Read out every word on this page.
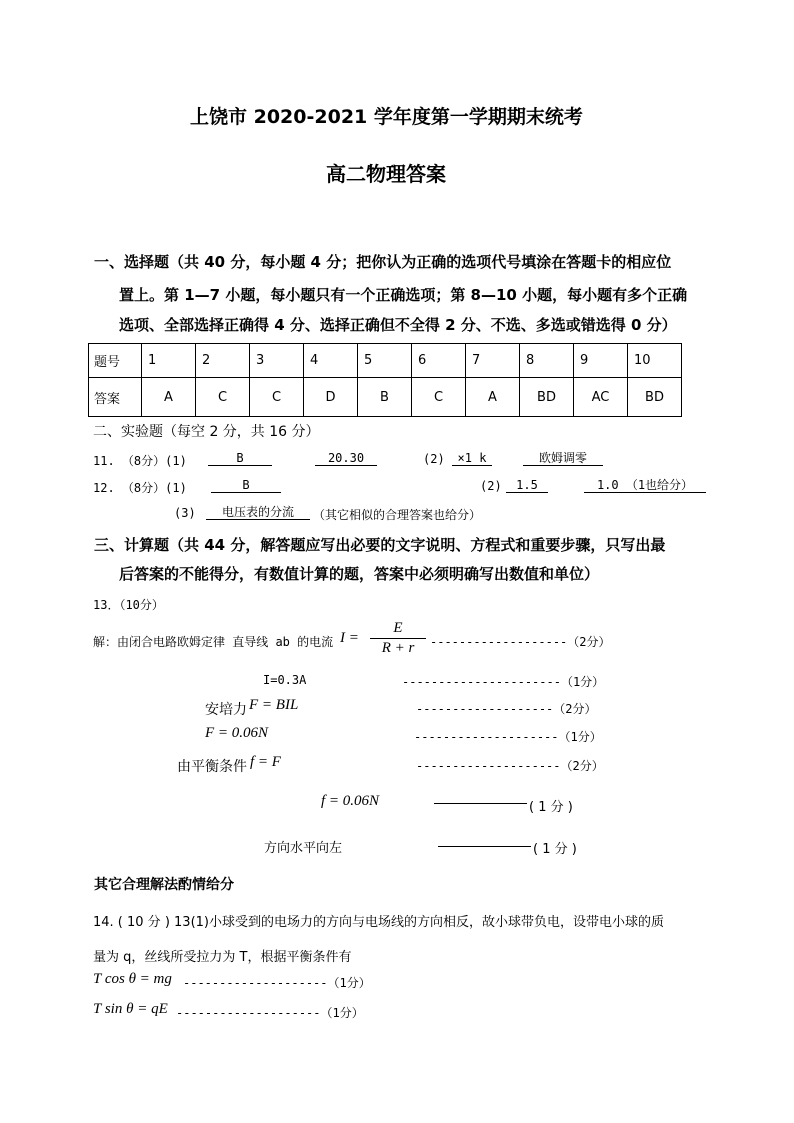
上饶市 2020-2021 学年度第一学期期末统考
高二物理答案
一、选择题（共 40 分，每小题 4 分；把你认为正确的选项代号填涂在答题卡的相应位
置上。第 1—7 小题，每小题只有一个正确选项；第 8—10 小题，每小题有多个正确
选项、全部选择正确得 4 分、选择正确但不全得 2 分、不选、多选或错选得 0 分）
题号	1	2	3	4	5	6	7	8	9	10
答案	A	C	C	D	B	C	A	BD	AC	BD
二、实验题（每空 2 分，共 16 分）
11. （8分）(1)	B	20.30	(2)	×1 k	欧姆调零
12. （8分）(1)	B	(2)	1.5	1.0 （1也给分）
(3)	电压表的分流	（其它相似的合理答案也给分）
三、计算题（共 44 分，解答题应写出必要的文字说明、方程式和重要步骤，只写出最
后答案的不能得分，有数值计算的题，答案中必须明确写出数值和单位）
13．（10分）
解：由闭合电路欧姆定律 直导线 ab 的电流 I =
E
R + r	-------------------（2分）
I=0.3A	----------------------（1分）
安培力 F = BIL	-------------------（2分）
F = 0.06N	--------------------（1分）
由平衡条件 f = F	--------------------（2分）
f = 0.06N	( 1 分 )
方向水平向左	( 1 分 )
其它合理解法酌情给分
14. ( 10 分 ) 13(1)小球受到的电场力的方向与电场线的方向相反，故小球带负电，设带电小球的质
量为 q，丝线所受拉力为 T，根据平衡条件有
T cos θ = mg --------------------（1分）
T sin θ = qE --------------------（1分）
